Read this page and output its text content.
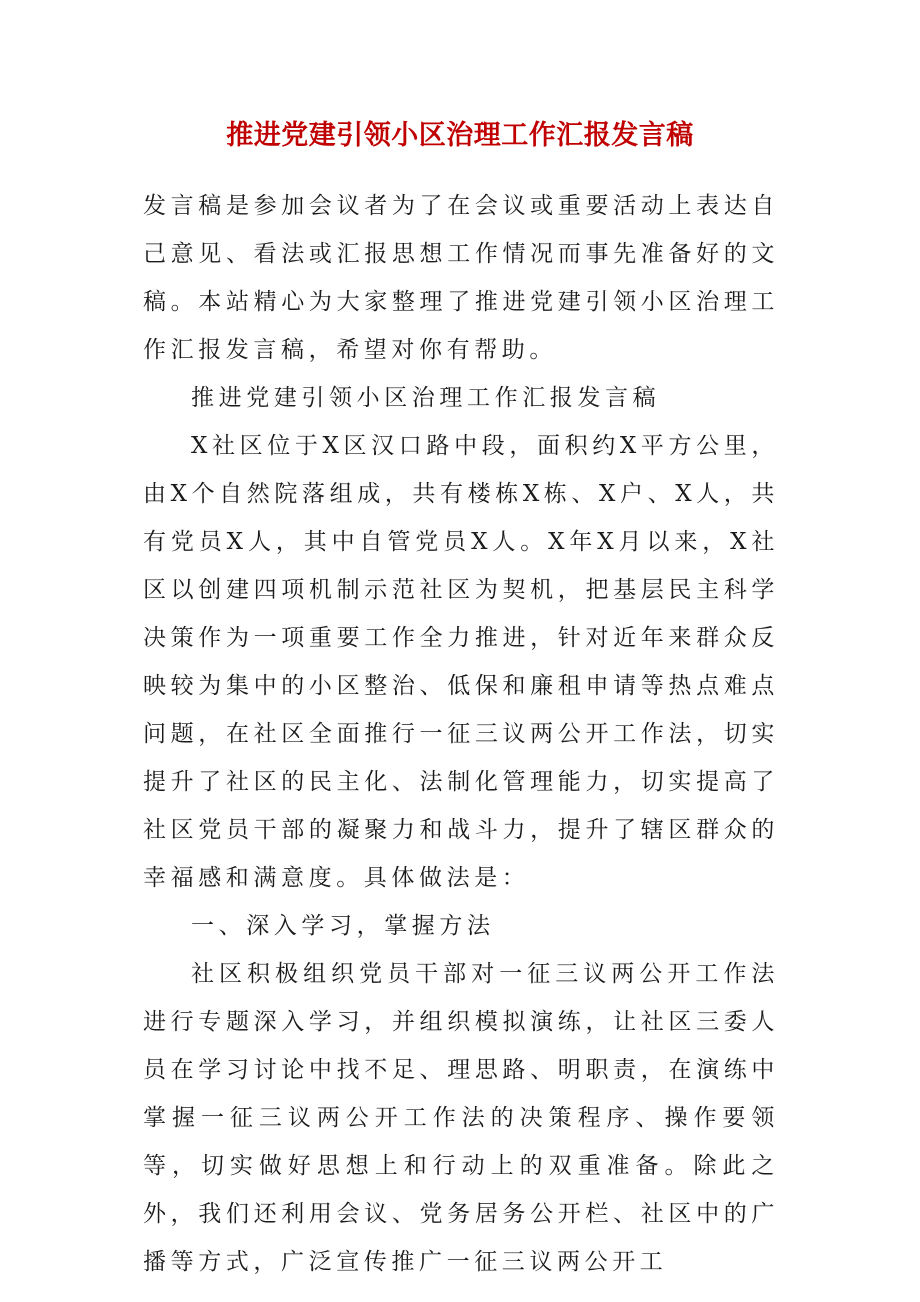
推进党建引领小区治理工作汇报发言稿

发言稿是参加会议者为了在会议或重要活动上表达自己意见、看法或汇报思想工作情况而事先准备好的文稿。本站精心为大家整理了推进党建引领小区治理工作汇报发言稿，希望对你有帮助。

推进党建引领小区治理工作汇报发言稿

X社区位于X区汉口路中段，面积约X平方公里，由X个自然院落组成，共有楼栋X栋、X户、X人，共有党员X人，其中自管党员X人。X年X月以来，X社区以创建四项机制示范社区为契机，把基层民主科学决策作为一项重要工作全力推进，针对近年来群众反映较为集中的小区整治、低保和廉租申请等热点难点问题，在社区全面推行一征三议两公开工作法，切实提升了社区的民主化、法制化管理能力，切实提高了社区党员干部的凝聚力和战斗力，提升了辖区群众的幸福感和满意度。具体做法是：

一、深入学习，掌握方法

社区积极组织党员干部对一征三议两公开工作法进行专题深入学习，并组织模拟演练，让社区三委人员在学习讨论中找不足、理思路、明职责，在演练中掌握一征三议两公开工作法的决策程序、操作要领等，切实做好思想上和行动上的双重准备。除此之外，我们还利用会议、党务居务公开栏、社区中的广播等方式，广泛宣传推广一征三议两公开工
